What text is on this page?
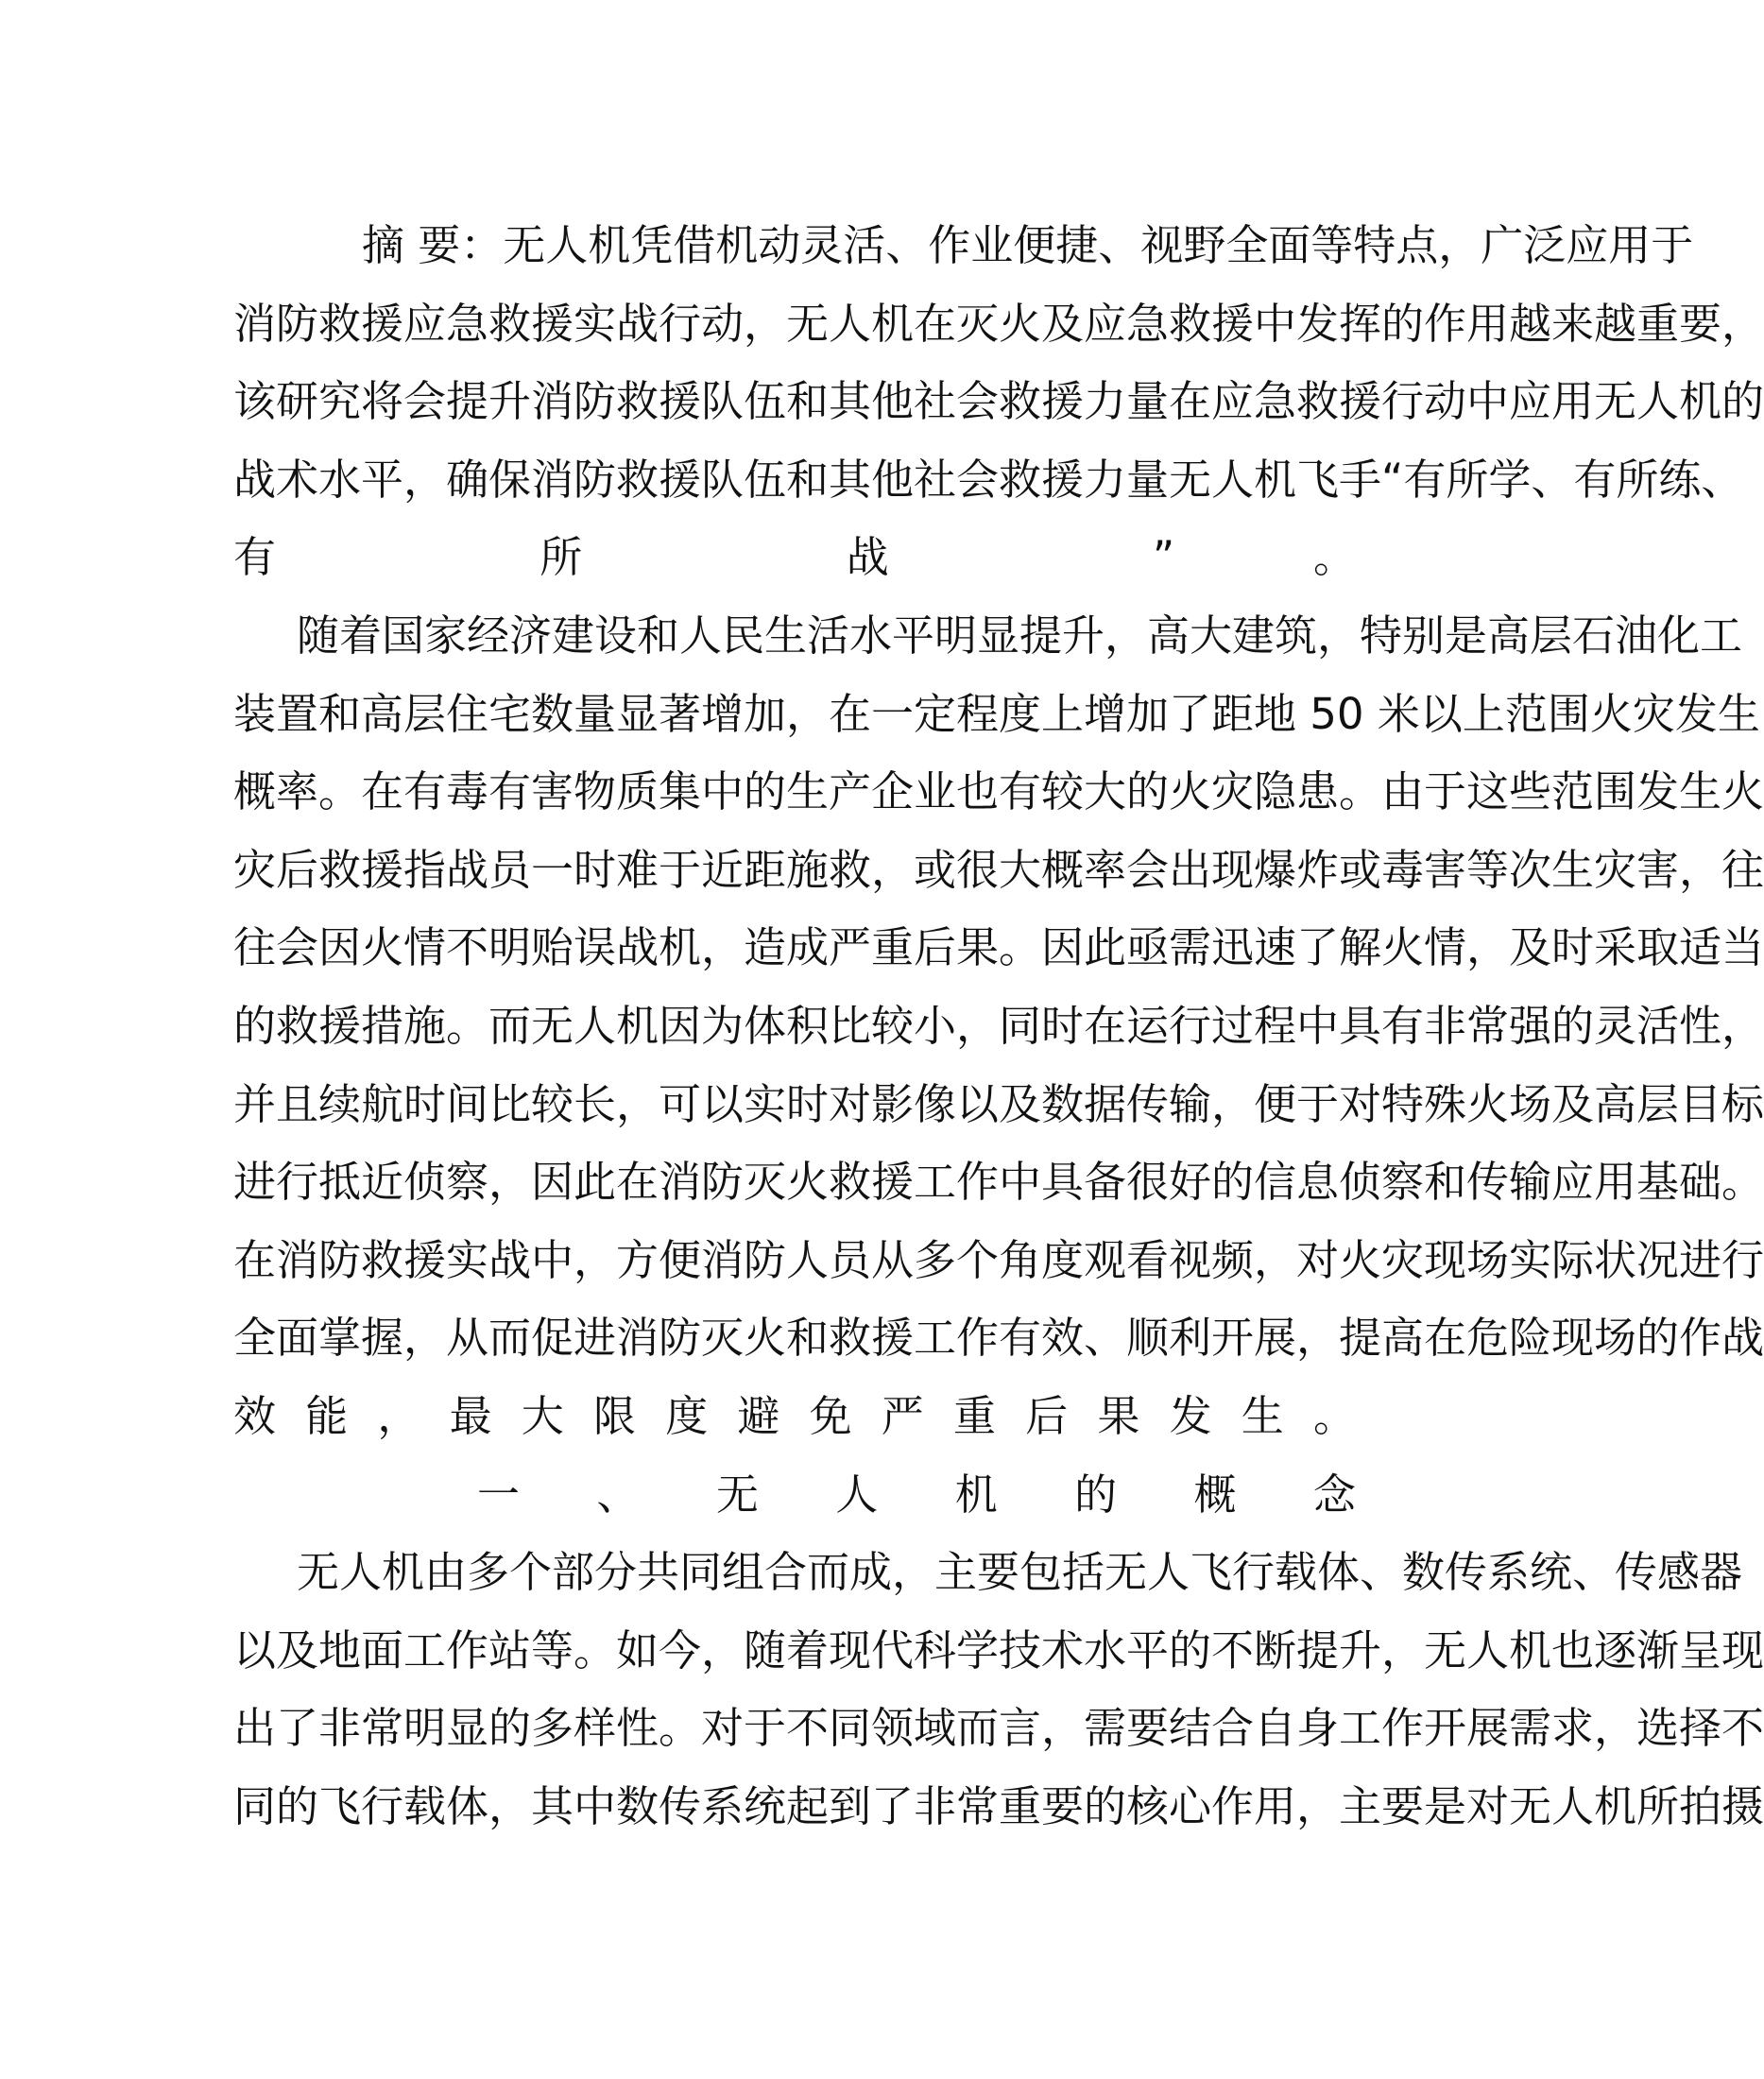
摘 要：无人机凭借机动灵活、作业便捷、视野全面等特点，广泛应用于
消防救援应急救援实战行动，无人机在灭火及应急救援中发挥的作用越来越重要，
该研究将会提升消防救援队伍和其他社会救援力量在应急救援行动中应用无人机的
战术水平，确保消防救援队伍和其他社会救援力量无人机飞手“有所学、有所练、
有 所 战 ” 。
随着国家经济建设和人民生活水平明显提升，高大建筑，特别是高层石油化工
装置和高层住宅数量显著增加，在一定程度上增加了距地 50 米以上范围火灾发生
概率。在有毒有害物质集中的生产企业也有较大的火灾隐患。由于这些范围发生火
灾后救援指战员一时难于近距施救，或很大概率会出现爆炸或毒害等次生灾害，往
往会因火情不明贻误战机，造成严重后果。因此亟需迅速了解火情，及时采取适当
的救援措施。而无人机因为体积比较小，同时在运行过程中具有非常强的灵活性，
并且续航时间比较长，可以实时对影像以及数据传输，便于对特殊火场及高层目标
进行抵近侦察，因此在消防灭火救援工作中具备很好的信息侦察和传输应用基础。
在消防救援实战中，方便消防人员从多个角度观看视频，对火灾现场实际状况进行
全面掌握，从而促进消防灭火和救援工作有效、顺利开展，提高在危险现场的作战
效 能 ， 最 大 限 度 避 免 严 重 后 果 发 生 。
一 、 无 人 机 的 概 念
无人机由多个部分共同组合而成，主要包括无人飞行载体、数传系统、传感器
以及地面工作站等。如今，随着现代科学技术水平的不断提升，无人机也逐渐呈现
出了非常明显的多样性。对于不同领域而言，需要结合自身工作开展需求，选择不
同的飞行载体，其中数传系统起到了非常重要的核心作用，主要是对无人机所拍摄
